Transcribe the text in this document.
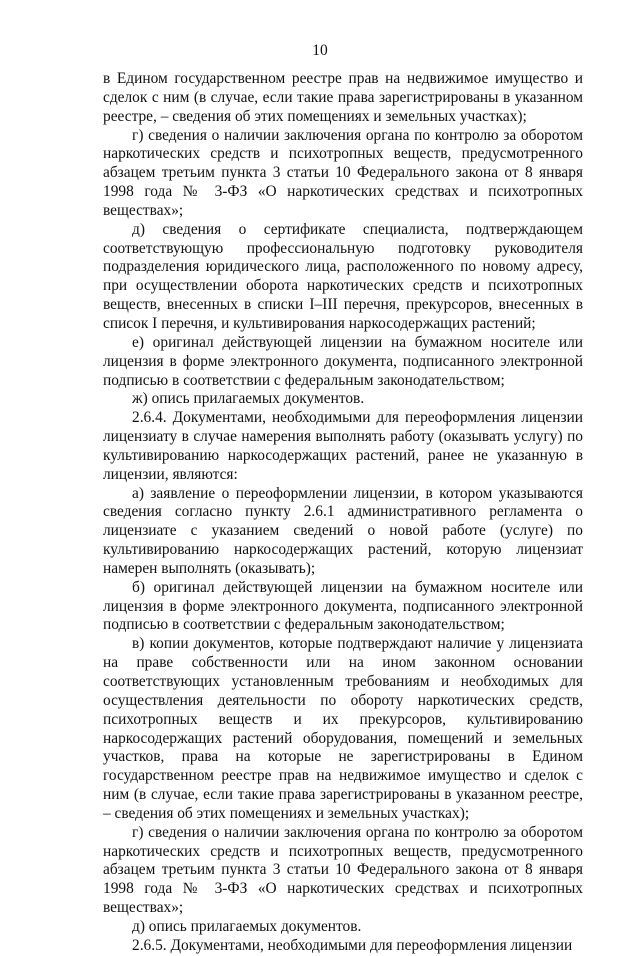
10

в Едином государственном реестре прав на недвижимое имущество и сделок с ним (в случае, если такие права зарегистрированы в указанном реестре, – сведения об этих помещениях и земельных участках);

г) сведения о наличии заключения органа по контролю за оборотом наркотических средств и психотропных веществ, предусмотренного абзацем третьим пункта 3 статьи 10 Федерального закона от 8 января 1998 года № 3-ФЗ «О наркотических средствах и психотропных веществах»;

д) сведения о сертификате специалиста, подтверждающем соответствующую профессиональную подготовку руководителя подразделения юридического лица, расположенного по новому адресу, при осуществлении оборота наркотических средств и психотропных веществ, внесенных в списки I–III перечня, прекурсоров, внесенных в список I перечня, и культивирования наркосодержащих растений;

е) оригинал действующей лицензии на бумажном носителе или лицензия в форме электронного документа, подписанного электронной подписью в соответствии с федеральным законодательством;

ж) опись прилагаемых документов.

2.6.4. Документами, необходимыми для переоформления лицензии лицензиату в случае намерения выполнять работу (оказывать услугу) по культивированию наркосодержащих растений, ранее не указанную в лицензии, являются:

а) заявление о переоформлении лицензии, в котором указываются сведения согласно пункту 2.6.1 административного регламента о лицензиате с указанием сведений о новой работе (услуге) по культивированию наркосодержащих растений, которую лицензиат намерен выполнять (оказывать);

б) оригинал действующей лицензии на бумажном носителе или лицензия в форме электронного документа, подписанного электронной подписью в соответствии с федеральным законодательством;

в) копии документов, которые подтверждают наличие у лицензиата на праве собственности или на ином законном основании соответствующих установленным требованиям и необходимых для осуществления деятельности по обороту наркотических средств, психотропных веществ и их прекурсоров, культивированию наркосодержащих растений оборудования, помещений и земельных участков, права на которые не зарегистрированы в Едином государственном реестре прав на недвижимое имущество и сделок с ним (в случае, если такие права зарегистрированы в указанном реестре, – сведения об этих помещениях и земельных участках);

г) сведения о наличии заключения органа по контролю за оборотом наркотических средств и психотропных веществ, предусмотренного абзацем третьим пункта 3 статьи 10 Федерального закона от 8 января 1998 года № 3-ФЗ «О наркотических средствах и психотропных веществах»;

д) опись прилагаемых документов.

2.6.5. Документами, необходимыми для переоформления лицензии
